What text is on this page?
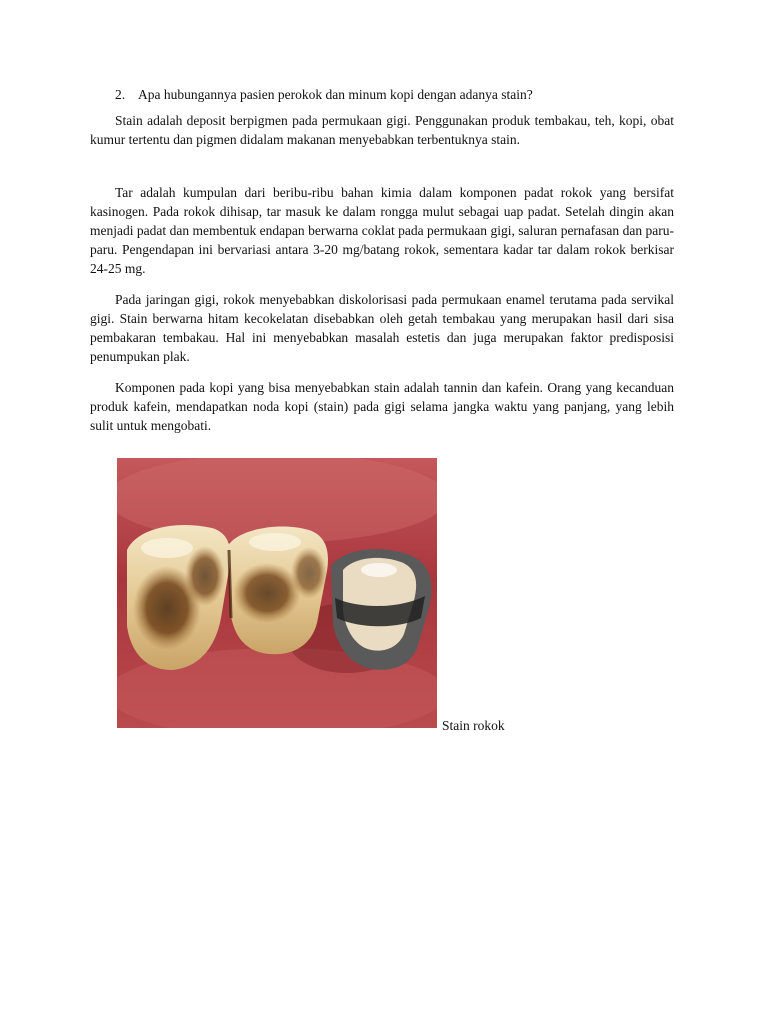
2. Apa hubungannya pasien perokok dan minum kopi dengan adanya stain?

Stain adalah deposit berpigmen pada permukaan gigi. Penggunakan produk tembakau, teh, kopi, obat kumur tertentu dan pigmen didalam makanan menyebabkan terbentuknya stain.

Tar adalah kumpulan dari beribu-ribu bahan kimia dalam komponen padat rokok yang bersifat kasinogen. Pada rokok dihisap, tar masuk ke dalam rongga mulut sebagai uap padat. Setelah dingin akan menjadi padat dan membentuk endapan berwarna coklat pada permukaan gigi, saluran pernafasan dan paru-paru. Pengendapan ini bervariasi antara 3-20 mg/batang rokok, sementara kadar tar dalam rokok berkisar 24-25 mg.

Pada jaringan gigi, rokok menyebabkan diskolorisasi pada permukaan enamel terutama pada servikal gigi. Stain berwarna hitam kecokelatan disebabkan oleh getah tembakau yang merupakan hasil dari sisa pembakaran tembakau. Hal ini menyebabkan masalah estetis dan juga merupakan faktor predisposisi penumpukan plak.

Komponen pada kopi yang bisa menyebabkan stain adalah tannin dan kafein. Orang yang kecanduan produk kafein, mendapatkan noda kopi (stain) pada gigi selama jangka waktu yang panjang, yang lebih sulit untuk mengobati.

Stain rokok
